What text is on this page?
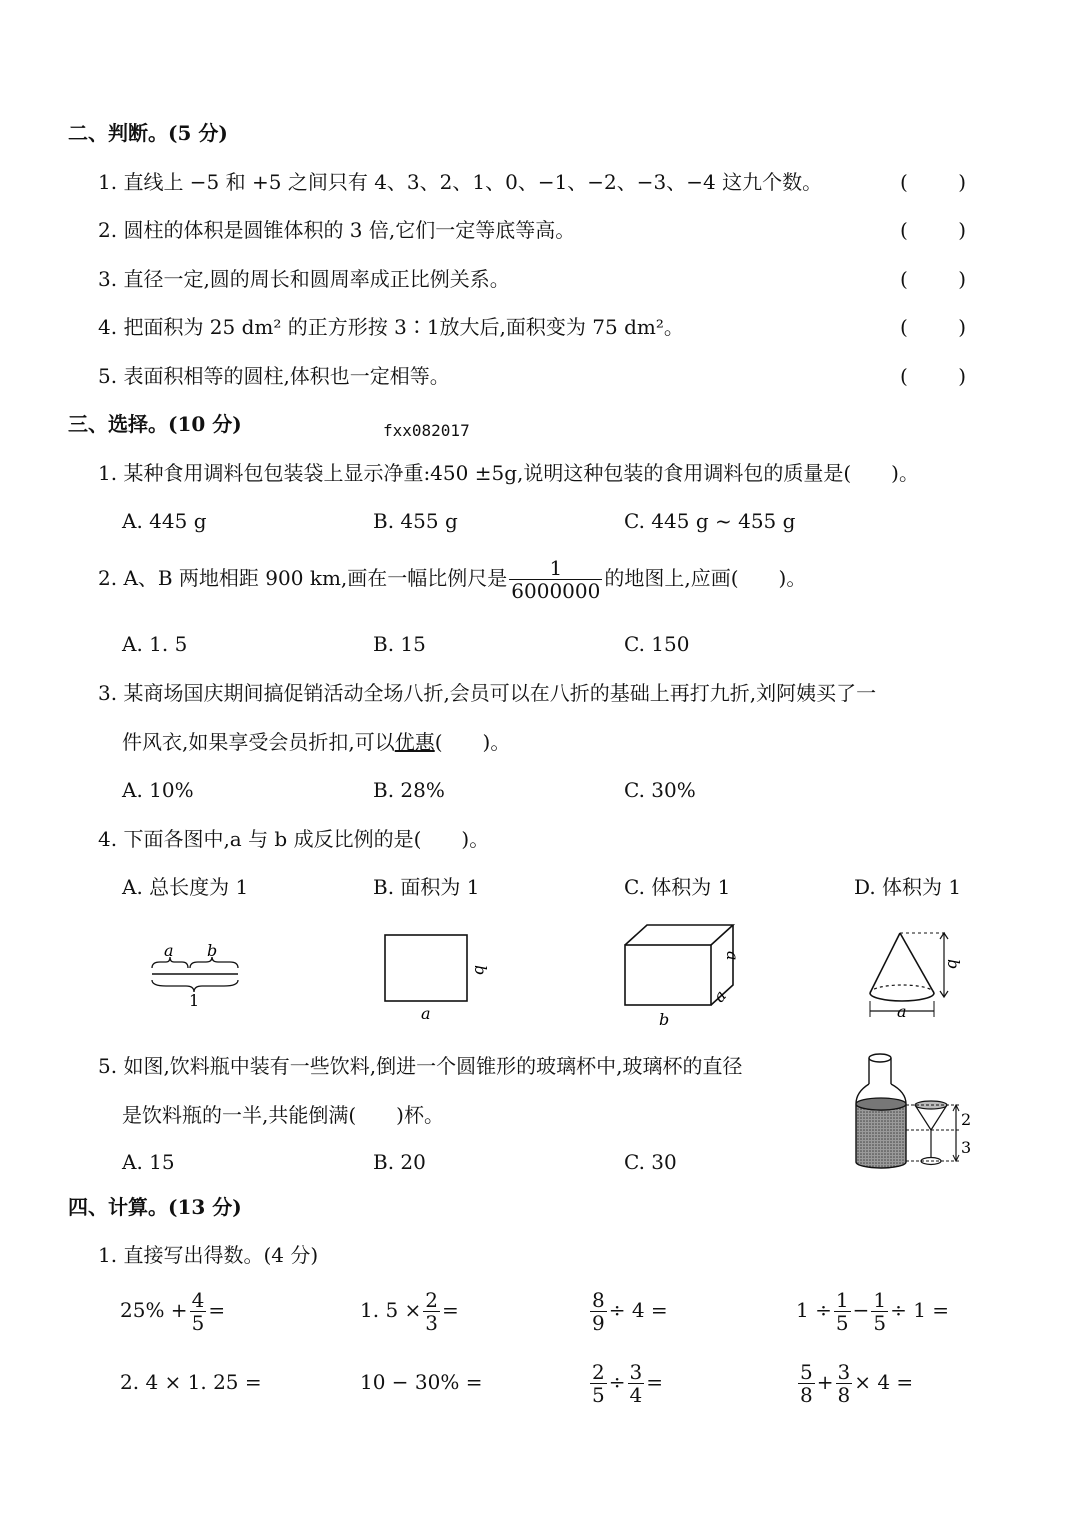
二、判断。(5 分)
1. 直线上 −5 和 +5 之间只有 4、3、2、1、0、−1、−2、−3、−4 这九个数。	(	)
2. 圆柱的体积是圆锥体积的 3 倍,它们一定等底等高。	(	)
3. 直径一定,圆的周长和圆周率成正比例关系。	(	)
4. 把面积为 25 dm² 的正方形按 3∶1放大后,面积变为 75 dm²。	(	)
5. 表面积相等的圆柱,体积也一定相等。	(	)
三、选择。(10 分)	fxx082017
1. 某种食用调料包包装袋上显示净重:450 ±5g,说明这种包装的食用调料包的质量是(　　)。
A. 445 g	B. 455 g	C. 445 g ~ 455 g
2. A、B 两地相距 900 km,画在一幅比例尺是 $\frac{1}{6000000}$ 的地图上,应画(　　)。
A. 1. 5	B. 15	C. 150
3. 某商场国庆期间搞促销活动全场八折,会员可以在八折的基础上再打九折,刘阿姨买了一
件风衣,如果享受会员折扣,可以优惠(　　)。
A. 10%	B. 28%	C. 30%
4. 下面各图中,a 与 b 成反比例的是(　　)。
A. 总长度为 1	B. 面积为 1	C. 体积为 1	D. 体积为 1
a b
1
a
b
b
a
a
a
b
5. 如图,饮料瓶中装有一些饮料,倒进一个圆锥形的玻璃杯中,玻璃杯的直径
是饮料瓶的一半,共能倒满(　　)杯。
A. 15	B. 20	C. 30
2
3
四、计算。(13 分)
1. 直接写出得数。(4 分)
$25\% + \frac{4}{5}$ =	1. $5 \times \frac{2}{3}$ =	$\frac{8}{9} \div 4$ =	$1 \div \frac{1}{5} - \frac{1}{5} \div 1$ =
2. 4 × 1. 25 =	10 − 30% =	$\frac{2}{5} \div \frac{3}{4}$ =	$\frac{5}{8} + \frac{3}{8} \times 4$ =
